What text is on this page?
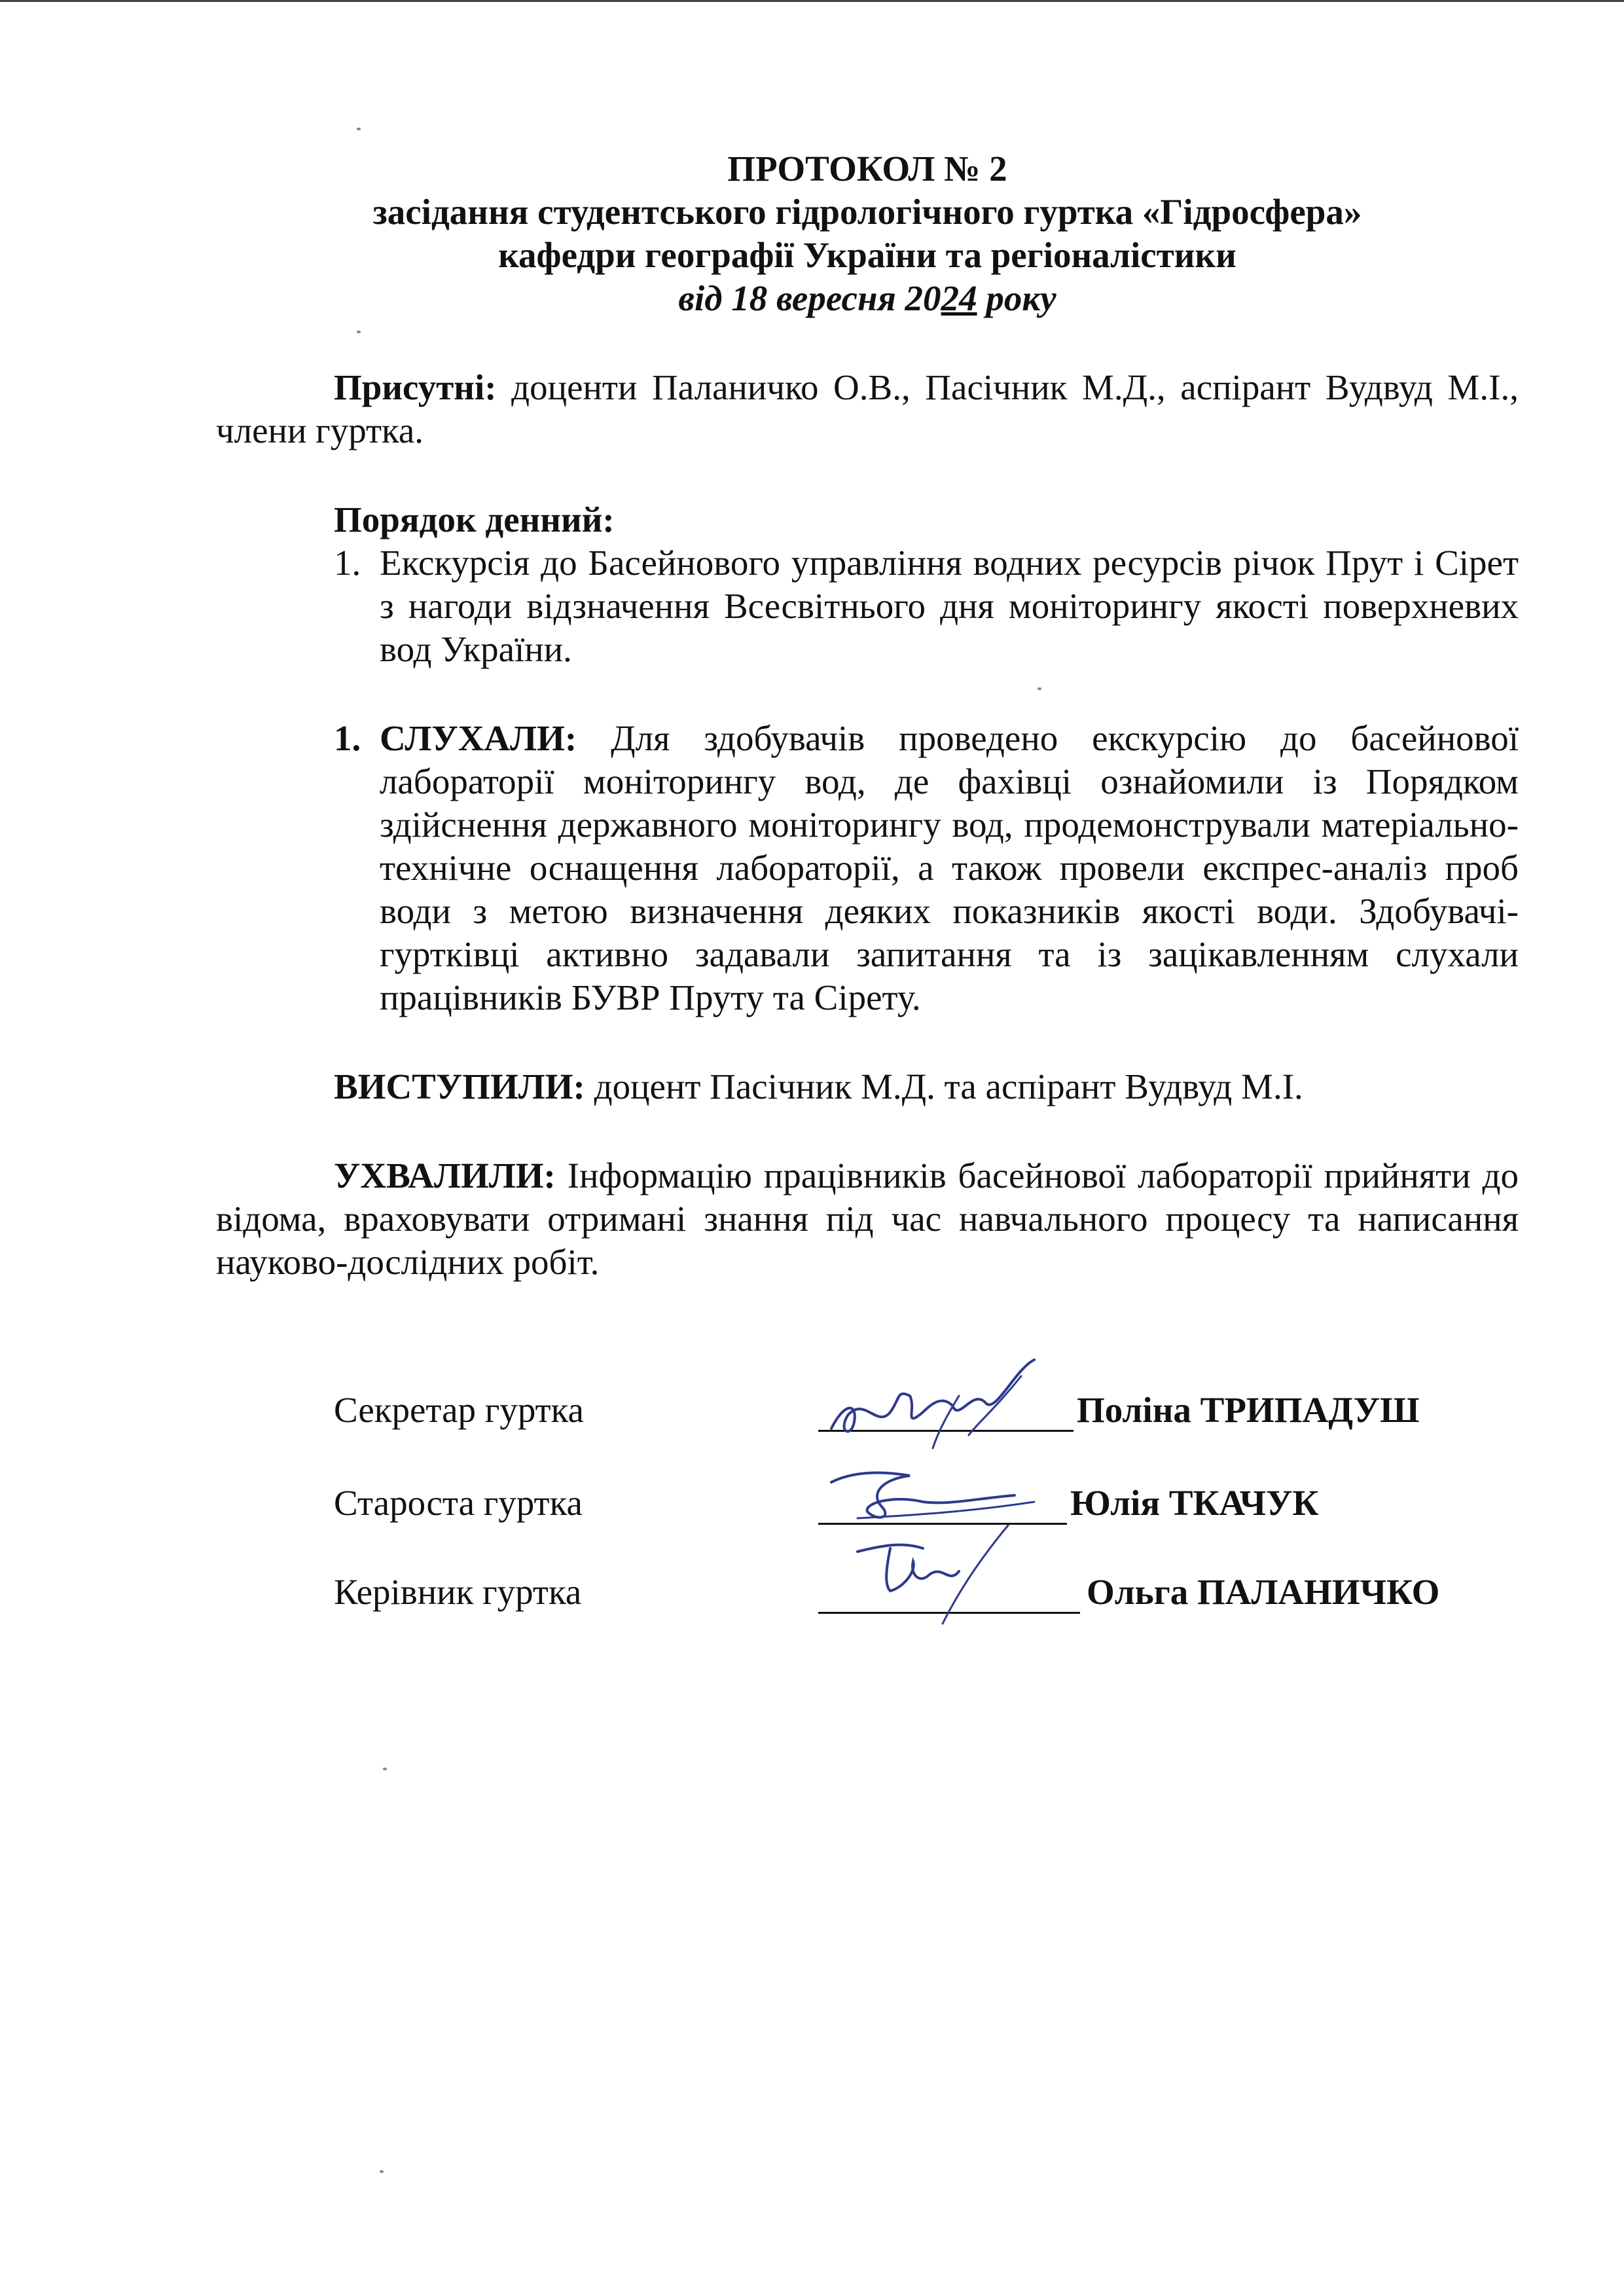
ПРОТОКОЛ № 2
засідання студентського гідрологічного гуртка «Гідросфера»
кафедри географії України та регіоналістики
від 18 вересня 2024 року

Присутні: доценти Паланичко О.В., Пасічник М.Д., аспірант Вудвуд М.І., члени гуртка.

Порядок денний:
1. Екскурсія до Басейнового управління водних ресурсів річок Прут і Сірет з нагоди відзначення Всесвітнього дня моніторингу якості поверхневих вод України.
1. СЛУХАЛИ: Для здобувачів проведено екскурсію до басейнової лабораторії моніторингу вод, де фахівці ознайомили із Порядком здійснення державного моніторингу вод, продемонстрували матеріально-технічне оснащення лабораторії, а також провели експрес-аналіз проб води з метою визначення деяких показників якості води. Здобувачі-гуртківці активно задавали запитання та із зацікавленням слухали працівників БУВР Пруту та Сірету.

ВИСТУПИЛИ: доцент Пасічник М.Д. та аспірант Вудвуд М.І.

УХВАЛИЛИ: Інформацію працівників басейнової лабораторії прийняти до відома, враховувати отримані знання під час навчального процесу та написання науково-дослідних робіт.

Секретар гуртка	Поліна ТРИПАДУШ
Староста гуртка	Юлія ТКАЧУК
Керівник гуртка	Ольга ПАЛАНИЧКО
